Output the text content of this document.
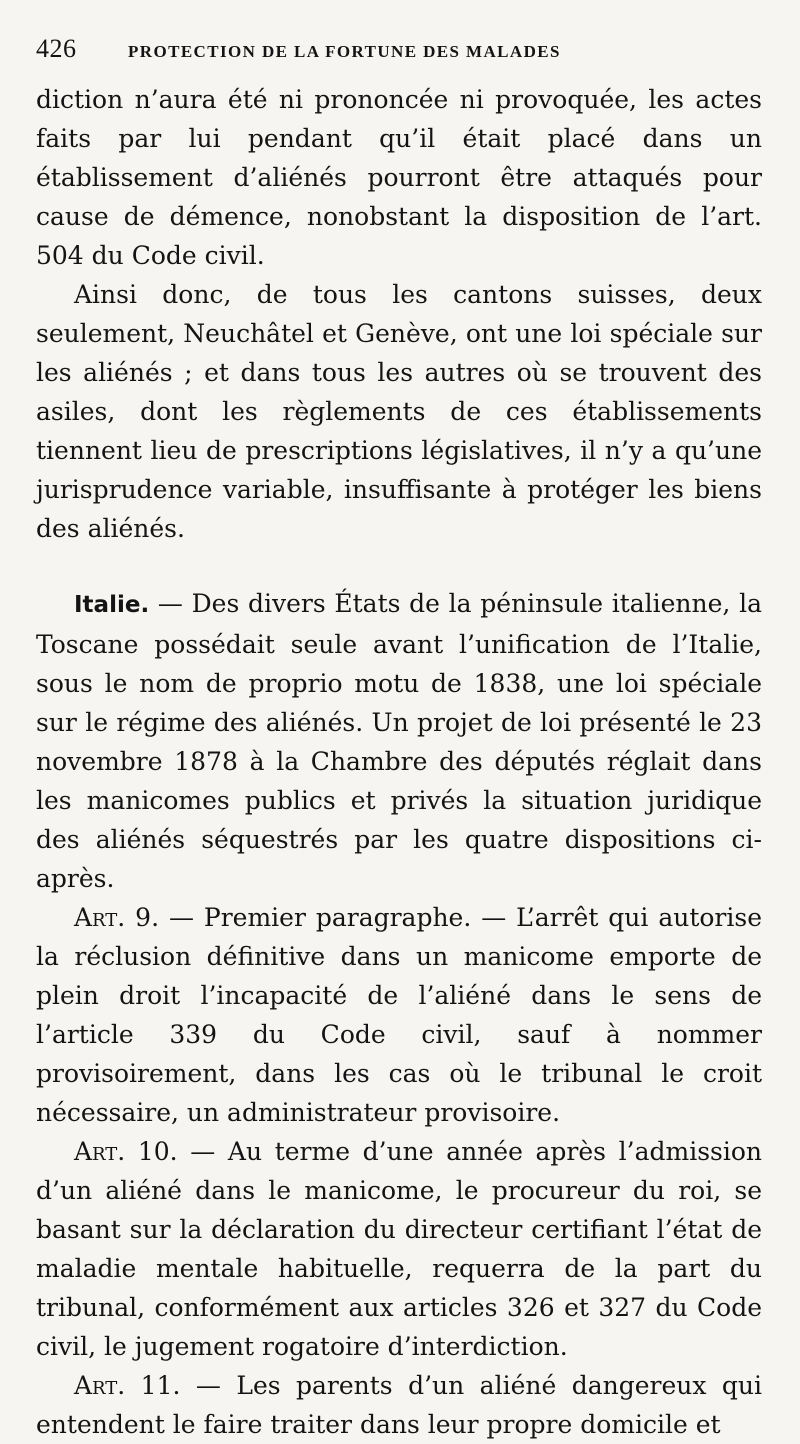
426	PROTECTION DE LA FORTUNE DES MALADES

diction n’aura été ni prononcée ni provoquée, les actes faits par lui pendant qu’il était placé dans un établissement d’aliénés pourront être attaqués pour cause de démence, nonobstant la disposition de l’art. 504 du Code civil.

Ainsi donc, de tous les cantons suisses, deux seulement, Neuchâtel et Genève, ont une loi spéciale sur les aliénés ; et dans tous les autres où se trouvent des asiles, dont les règlements de ces établissements tiennent lieu de prescriptions législatives, il n’y a qu’une jurisprudence variable, insuffisante à protéger les biens des aliénés.

Italie. — Des divers États de la péninsule italienne, la Toscane possédait seule avant l’unification de l’Italie, sous le nom de proprio motu de 1838, une loi spéciale sur le régime des aliénés. Un projet de loi présenté le 23 novembre 1878 à la Chambre des députés réglait dans les manicomes publics et privés la situation juridique des aliénés séquestrés par les quatre dispositions ci-après.

Art. 9. — Premier paragraphe. — L’arrêt qui autorise la réclusion définitive dans un manicome emporte de plein droit l’incapacité de l’aliéné dans le sens de l’article 339 du Code civil, sauf à nommer provisoirement, dans les cas où le tribunal le croit nécessaire, un administrateur provisoire.

Art. 10. — Au terme d’une année après l’admission d’un aliéné dans le manicome, le procureur du roi, se basant sur la déclaration du directeur certifiant l’état de maladie mentale habituelle, requerra de la part du tribunal, conformément aux articles 326 et 327 du Code civil, le jugement rogatoire d’interdiction.

Art. 11. — Les parents d’un aliéné dangereux qui entendent le faire traiter dans leur propre domicile et
